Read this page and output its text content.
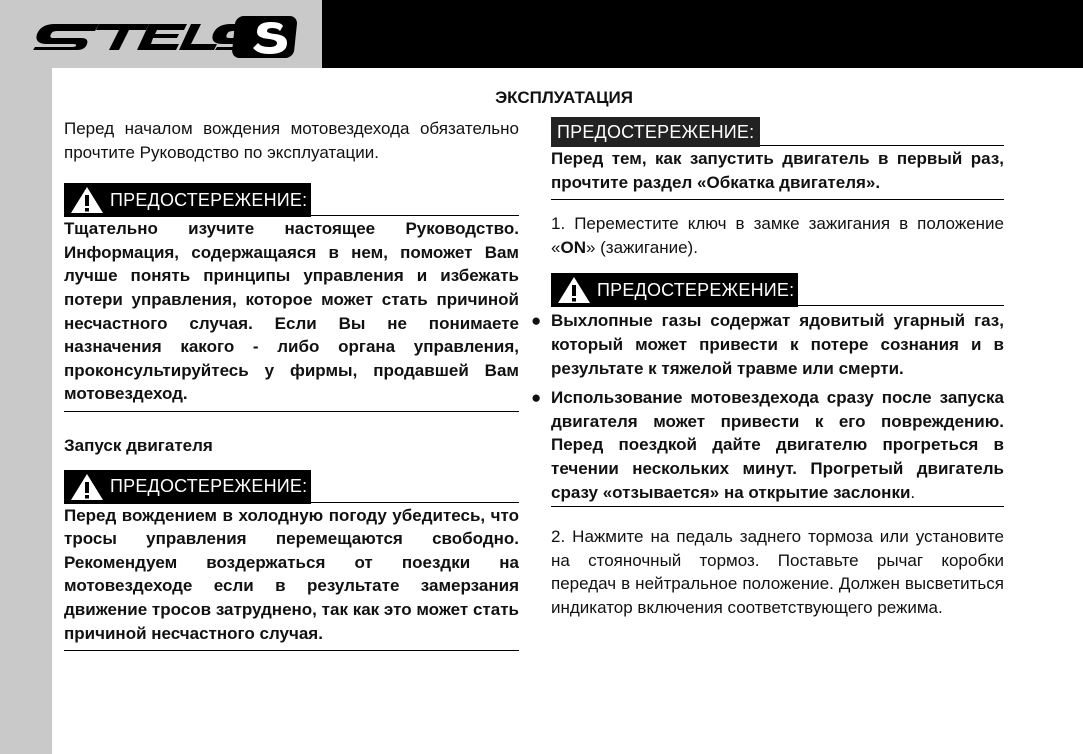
ЭКСПЛУАТАЦИЯ

Перед началом вождения мотовездехода обязательно прочтите Руководство по эксплуатации.

ПРЕДОСТЕРЕЖЕНИЕ :

Тщательно изучите настоящее Руководство. Информация, содержащаяся в нем, поможет Вам лучше понять принципы управления и избежать потери управления, которое может стать причиной несчастного случая. Если Вы не понимаете назначения какого - либо органа управления, проконсультируйтесь у фирмы, продавшей Вам мотовездеход.

Запуск двигателя

ПРЕДОСТЕРЕЖЕНИЕ :

Перед вождением в холодную погоду убедитесь, что тросы управления перемещаются свободно. Рекомендуем воздержаться от поездки на мотовездеходе если в результате замерзания движение тросов затруднено, так как это может стать причиной несчастного случая.

ПРЕДОСТЕРЕЖЕНИЕ :

Перед тем, как запустить двигатель в первый раз, прочтите раздел «Обкатка двигателя».

1. Переместите ключ в замке зажигания в положение «ON» (зажигание).

ПРЕДОСТЕРЕЖЕНИЕ :
● Выхлопные газы содержат ядовитый угарный газ, который может привести к потере сознания и в результате к тяжелой травме или смерти.

● Использование мотовездехода сразу после запуска двигателя может привести к его повреждению. Перед поездкой дайте двигателю прогреться в течении нескольких минут. Прогретый двигатель сразу «отзывается» на открытие заслонки.

2. Нажмите на педаль заднего тормоза или установите на стояночный тормоз. Поставьте рычаг коробки передач в нейтральное положение. Должен высветиться индикатор включения соответствующего режима.
